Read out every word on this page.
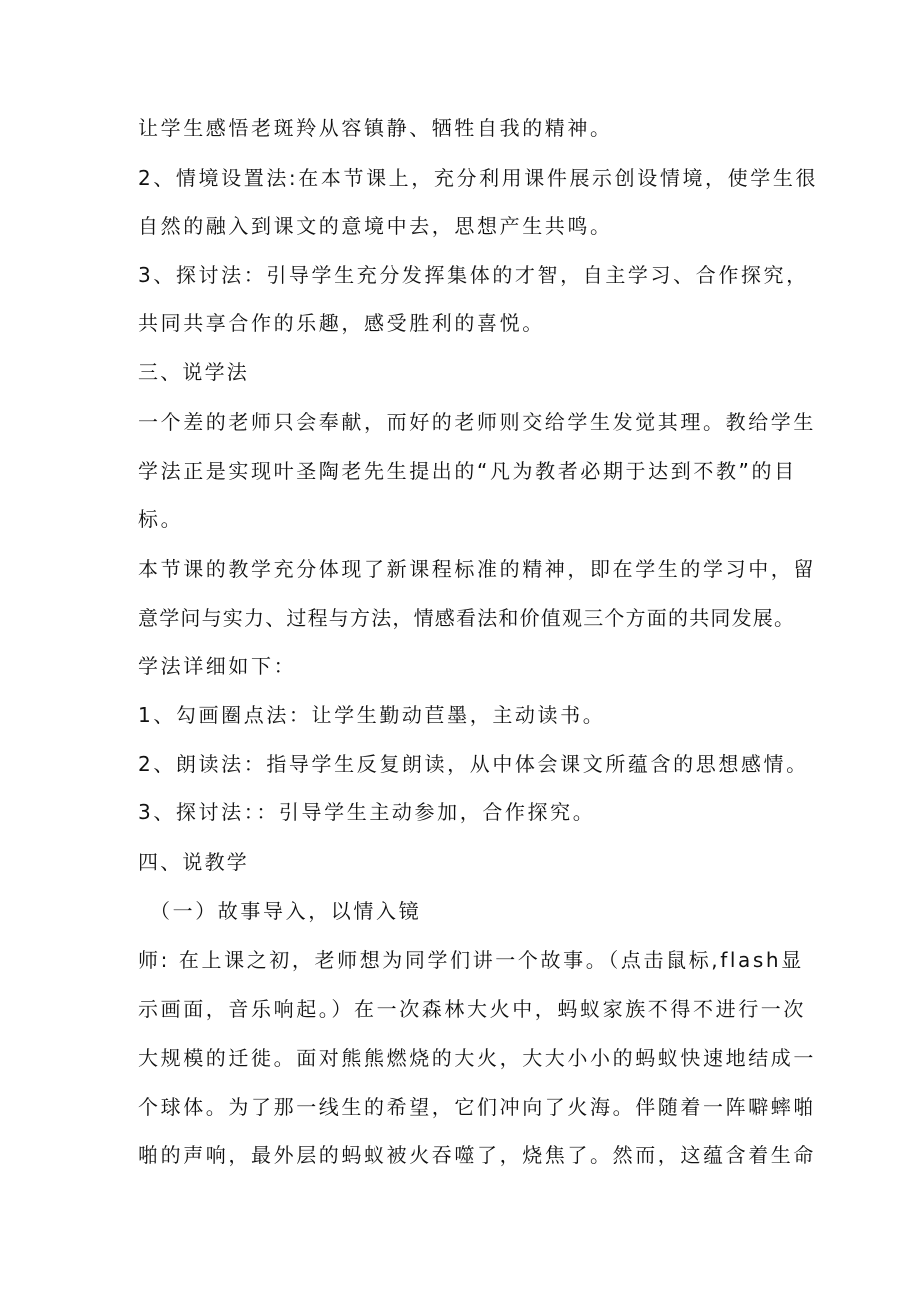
让学生感悟老斑羚从容镇静、牺牲自我的精神。
2、情境设置法:在本节课上，充分利用课件展示创设情境，使学生很
自然的融入到课文的意境中去，思想产生共鸣。
3、探讨法：引导学生充分发挥集体的才智，自主学习、合作探究，
共同共享合作的乐趣，感受胜利的喜悦。
三、说学法
一个差的老师只会奉献，而好的老师则交给学生发觉其理。教给学生
学法正是实现叶圣陶老先生提出的“凡为教者必期于达到不教”的目
标。
本节课的教学充分体现了新课程标准的精神，即在学生的学习中，留
意学问与实力、过程与方法，情感看法和价值观三个方面的共同发展。
学法详细如下：
1、勾画圈点法：让学生勤动苣墨，主动读书。
2、朗读法：指导学生反复朗读，从中体会课文所蕴含的思想感情。
3、探讨法：：引导学生主动参加，合作探究。
四、说教学
（一）故事导入，以情入镜
师: 在上课之初，老师想为同学们讲一个故事。（点击鼠标,flash显
示画面，音乐响起。）在一次森林大火中，蚂蚁家族不得不进行一次
大规模的迁徙。面对熊熊燃烧的大火，大大小小的蚂蚁快速地结成一
个球体。为了那一线生的希望，它们冲向了火海。伴随着一阵噼蟀啪
啪的声响，最外层的蚂蚁被火吞噬了，烧焦了。然而，这蕴含着生命
